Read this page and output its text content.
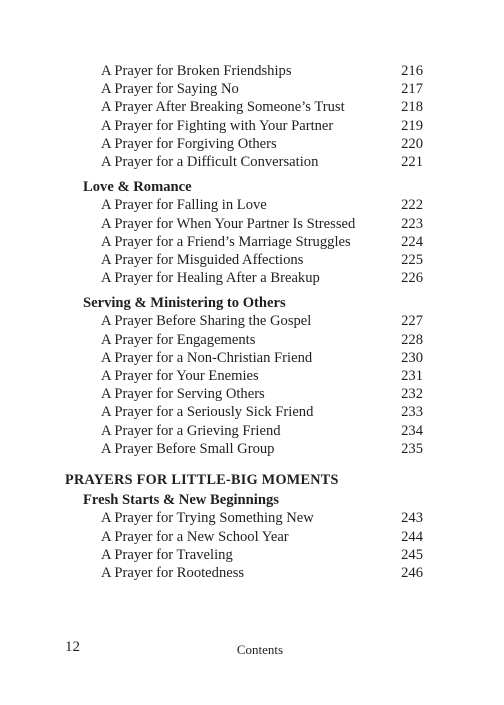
A Prayer for Broken Friendships	216
A Prayer for Saying No	217
A Prayer After Breaking Someone’s Trust	218
A Prayer for Fighting with Your Partner	219
A Prayer for Forgiving Others	220
A Prayer for a Difficult Conversation	221
Love & Romance
A Prayer for Falling in Love	222
A Prayer for When Your Partner Is Stressed	223
A Prayer for a Friend’s Marriage Struggles	224
A Prayer for Misguided Affections	225
A Prayer for Healing After a Breakup	226
Serving & Ministering to Others
A Prayer Before Sharing the Gospel	227
A Prayer for Engagements	228
A Prayer for a Non-Christian Friend	230
A Prayer for Your Enemies	231
A Prayer for Serving Others	232
A Prayer for a Seriously Sick Friend	233
A Prayer for a Grieving Friend	234
A Prayer Before Small Group	235
PRAYERS FOR LITTLE-BIG MOMENTS
Fresh Starts & New Beginnings
A Prayer for Trying Something New	243
A Prayer for a New School Year	244
A Prayer for Traveling	245
A Prayer for Rootedness	246
12	Contents
